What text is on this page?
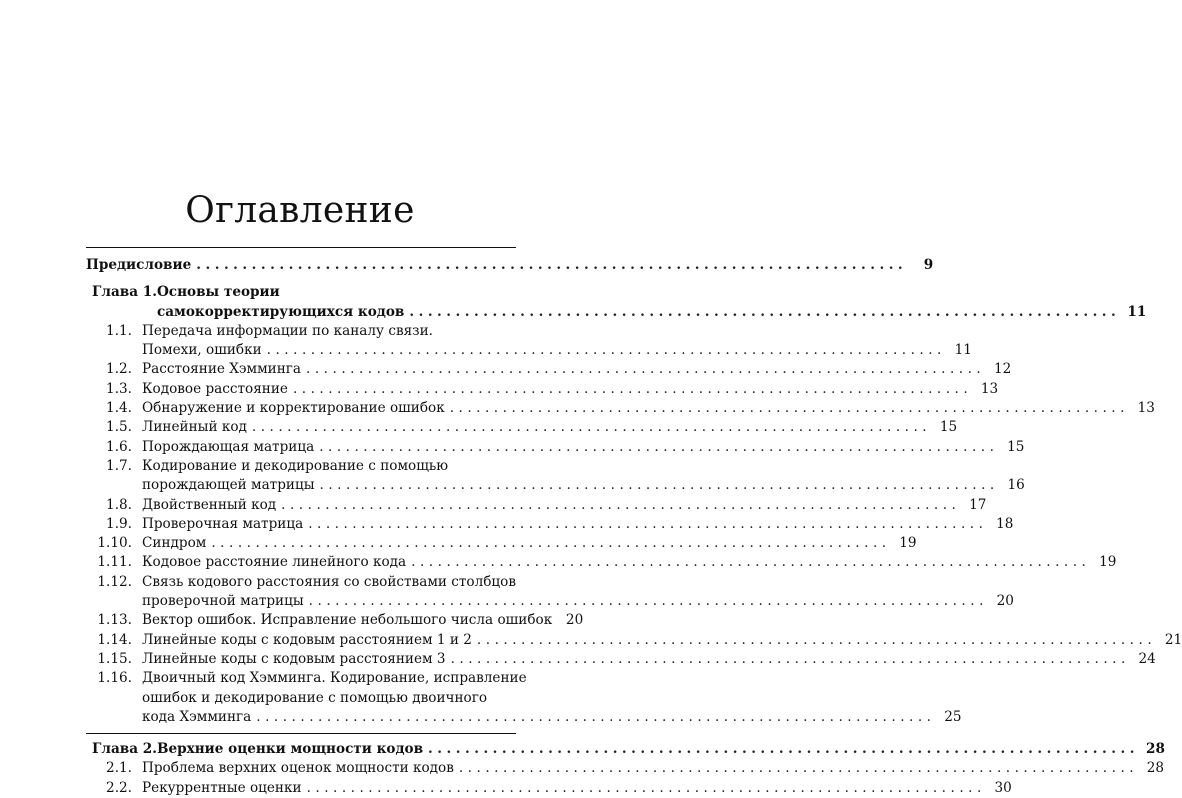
Оглавление
Предисловие .............................................................................	9
Глава 1. Основы теории
самокорректирующихся кодов ............................................................................. 11
1.1. Передача информации по каналу связи.
Помехи, ошибки ............................................................................. 11
1.2. Расстояние Хэмминга ............................................................................. 12
1.3. Кодовое расстояние ............................................................................. 13
1.4. Обнаружение и корректирование ошибок ............................................................................. 13
1.5. Линейный код ............................................................................. 15
1.6. Порождающая матрица ............................................................................. 15
1.7. Кодирование и декодирование с помощью
порождающей матрицы ............................................................................. 16
1.8. Двойственный код ............................................................................. 17
1.9. Проверочная матрица ............................................................................. 18
1.10. Синдром ............................................................................. 19
1.11. Кодовое расстояние линейного кода ............................................................................. 19
1.12. Связь кодового расстояния со свойствами столбцов
проверочной матрицы ............................................................................. 20
1.13. Вектор ошибок. Исправление небольшого числа ошибок	20
1.14. Линейные коды с кодовым расстоянием 1 и 2 ............................................................................. 21
1.15. Линейные коды с кодовым расстоянием 3 ............................................................................. 24
1.16. Двоичный код Хэмминга. Кодирование, исправление
ошибок и декодирование с помощью двоичного
кода Хэмминга ............................................................................. 25
Глава 2. Верхние оценки мощности кодов ............................................................................. 28
2.1. Проблема верхних оценок мощности кодов ............................................................................. 28
2.2. Рекуррентные оценки ............................................................................. 30
